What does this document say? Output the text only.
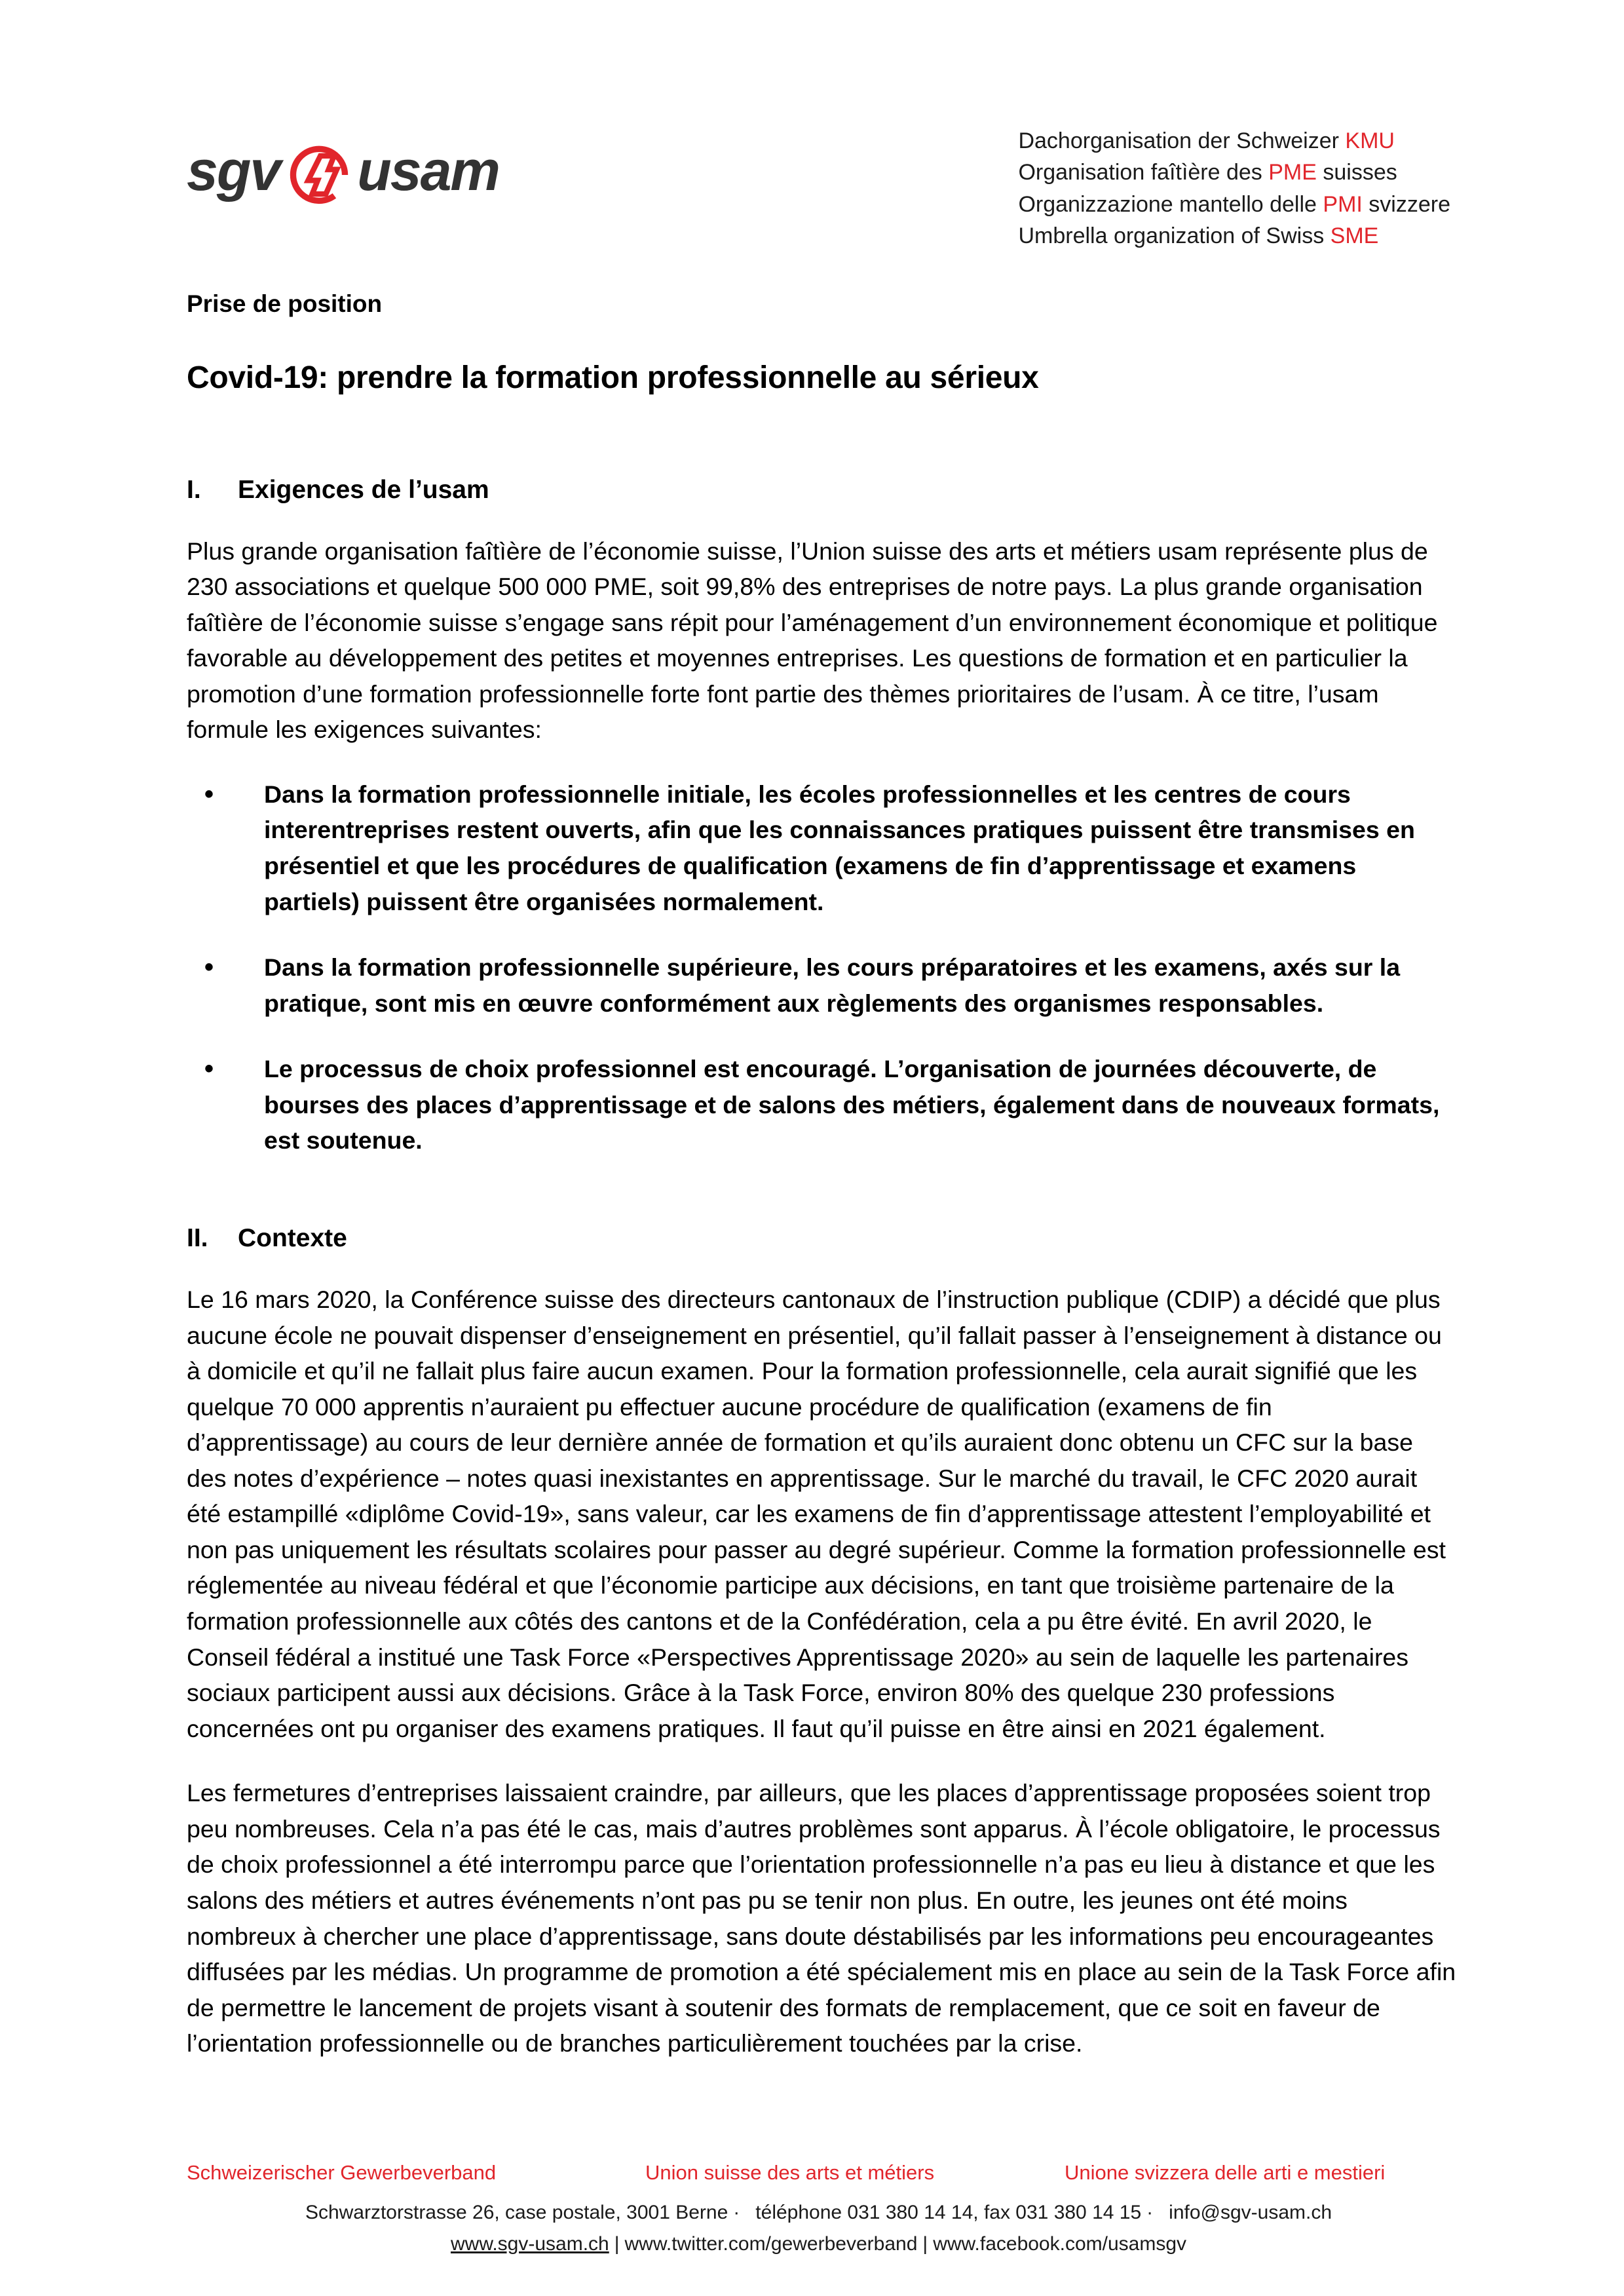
sgv usam	Dachorganisation der Schweizer KMU
Organisation faîtìère des PME suisses
Organizzazione mantello delle PMI svizzere
Umbrella organization of Swiss SME
Prise de position
Covid-19: prendre la formation professionnelle au sérieux
I.	Exigences de l’usam

Plus grande organisation faîtìère de l’économie suisse, l’Union suisse des arts et métiers usam représente plus de 230 associations et quelque 500 000 PME, soit 99,8% des entreprises de notre pays. La plus grande organisation faîtìère de l’économie suisse s’engage sans répit pour l’aménagement d’un environnement économique et politique favorable au développement des petites et moyennes entreprises. Les questions de formation et en particulier la promotion d’une formation professionnelle forte font partie des thèmes prioritaires de l’usam. À ce titre, l’usam formule les exigences suivantes:

• Dans la formation professionnelle initiale, les écoles professionnelles et les centres de cours interentreprises restent ouverts, afin que les connaissances pratiques puissent être transmises en présentiel et que les procédures de qualification (examens de fin d’apprentissage et examens partiels) puissent être organisées normalement.
• Dans la formation professionnelle supérieure, les cours préparatoires et les examens, axés sur la pratique, sont mis en œuvre conformément aux règlements des organismes responsables.
• Le processus de choix professionnel est encouragé. L’organisation de journées découverte, de bourses des places d’apprentissage et de salons des métiers, également dans de nouveaux formats, est soutenue.
II.	Contexte

Le 16 mars 2020, la Conférence suisse des directeurs cantonaux de l’instruction publique (CDIP) a décidé que plus aucune école ne pouvait dispenser d’enseignement en présentiel, qu’il fallait passer à l’enseignement à distance ou à domicile et qu’il ne fallait plus faire aucun examen. Pour la formation professionnelle, cela aurait signifié que les quelque 70 000 apprentis n’auraient pu effectuer aucune procédure de qualification (examens de fin d’apprentissage) au cours de leur dernière année de formation et qu’ils auraient donc obtenu un CFC sur la base des notes d’expérience – notes quasi inexistantes en apprentissage. Sur le marché du travail, le CFC 2020 aurait été estampillé «diplôme Covid-19», sans valeur, car les examens de fin d’apprentissage attestent l’employabilité et non pas uniquement les résultats scolaires pour passer au degré supérieur. Comme la formation professionnelle est réglementée au niveau fédéral et que l’économie participe aux décisions, en tant que troisième partenaire de la formation professionnelle aux côtés des cantons et de la Confédération, cela a pu être évité. En avril 2020, le Conseil fédéral a institué une Task Force «Perspectives Apprentissage 2020» au sein de laquelle les partenaires sociaux participent aussi aux décisions. Grâce à la Task Force, environ 80% des quelque 230 professions concernées ont pu organiser des examens pratiques. Il faut qu’il puisse en être ainsi en 2021 également.

Les fermetures d’entreprises laissaient craindre, par ailleurs, que les places d’apprentissage proposées soient trop peu nombreuses. Cela n’a pas été le cas, mais d’autres problèmes sont apparus. À l’école obligatoire, le processus de choix professionnel a été interrompu parce que l’orientation professionnelle n’a pas eu lieu à distance et que les salons des métiers et autres événements n’ont pas pu se tenir non plus. En outre, les jeunes ont été moins nombreux à chercher une place d’apprentissage, sans doute déstabilisés par les informations peu encourageantes diffusées par les médias. Un programme de promotion a été spécialement mis en place au sein de la Task Force afin de permettre le lancement de projets visant à soutenir des formats de remplacement, que ce soit en faveur de l’orientation professionnelle ou de branches particulièrement touchées par la crise.

Schweizerischer Gewerbeverband	Union suisse des arts et métiers	Unione svizzera delle arti e mestieri
Schwarztorstrasse 26, case postale, 3001 Berne · téléphone 031 380 14 14, fax 031 380 14 15 · info@sgv-usam.ch
www.sgv-usam.ch | www.twitter.com/gewerbeverband | www.facebook.com/usamsgv
